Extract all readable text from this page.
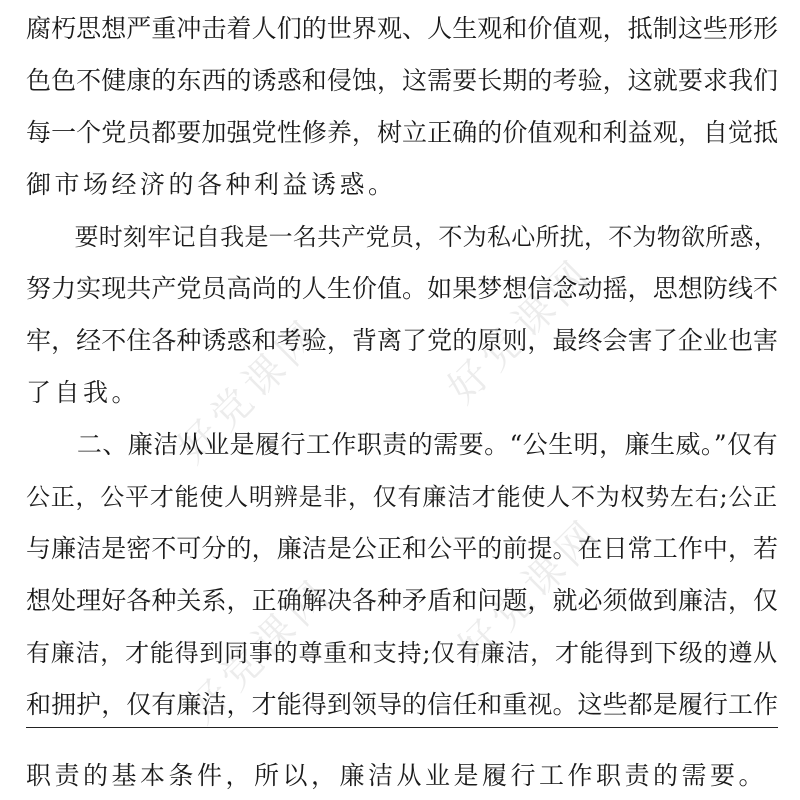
好党课网	好党课网
好党课网	好党课网
腐朽思想严重冲击着人们的世界观、人生观和价值观，抵制这些形形
色色不健康的东西的诱惑和侵蚀，这需要长期的考验，这就要求我们
每一个党员都要加强党性修养，树立正确的价值观和利益观，自觉抵
御市场经济的各种利益诱惑。
　　要时刻牢记自我是一名共产党员，不为私心所扰，不为物欲所惑，
努力实现共产党员高尚的人生价值。如果梦想信念动摇，思想防线不
牢，经不住各种诱惑和考验，背离了党的原则，最终会害了企业也害
了自我。
　　二、廉洁从业是履行工作职责的需要。“公生明，廉生威。”仅有
公正，公平才能使人明辨是非，仅有廉洁才能使人不为权势左右;公正
与廉洁是密不可分的，廉洁是公正和公平的前提。在日常工作中，若
想处理好各种关系，正确解决各种矛盾和问题，就必须做到廉洁，仅
有廉洁，才能得到同事的尊重和支持;仅有廉洁，才能得到下级的遵从
和拥护，仅有廉洁，才能得到领导的信任和重视。这些都是履行工作
职责的基本条件，所以，廉洁从业是履行工作职责的需要。
